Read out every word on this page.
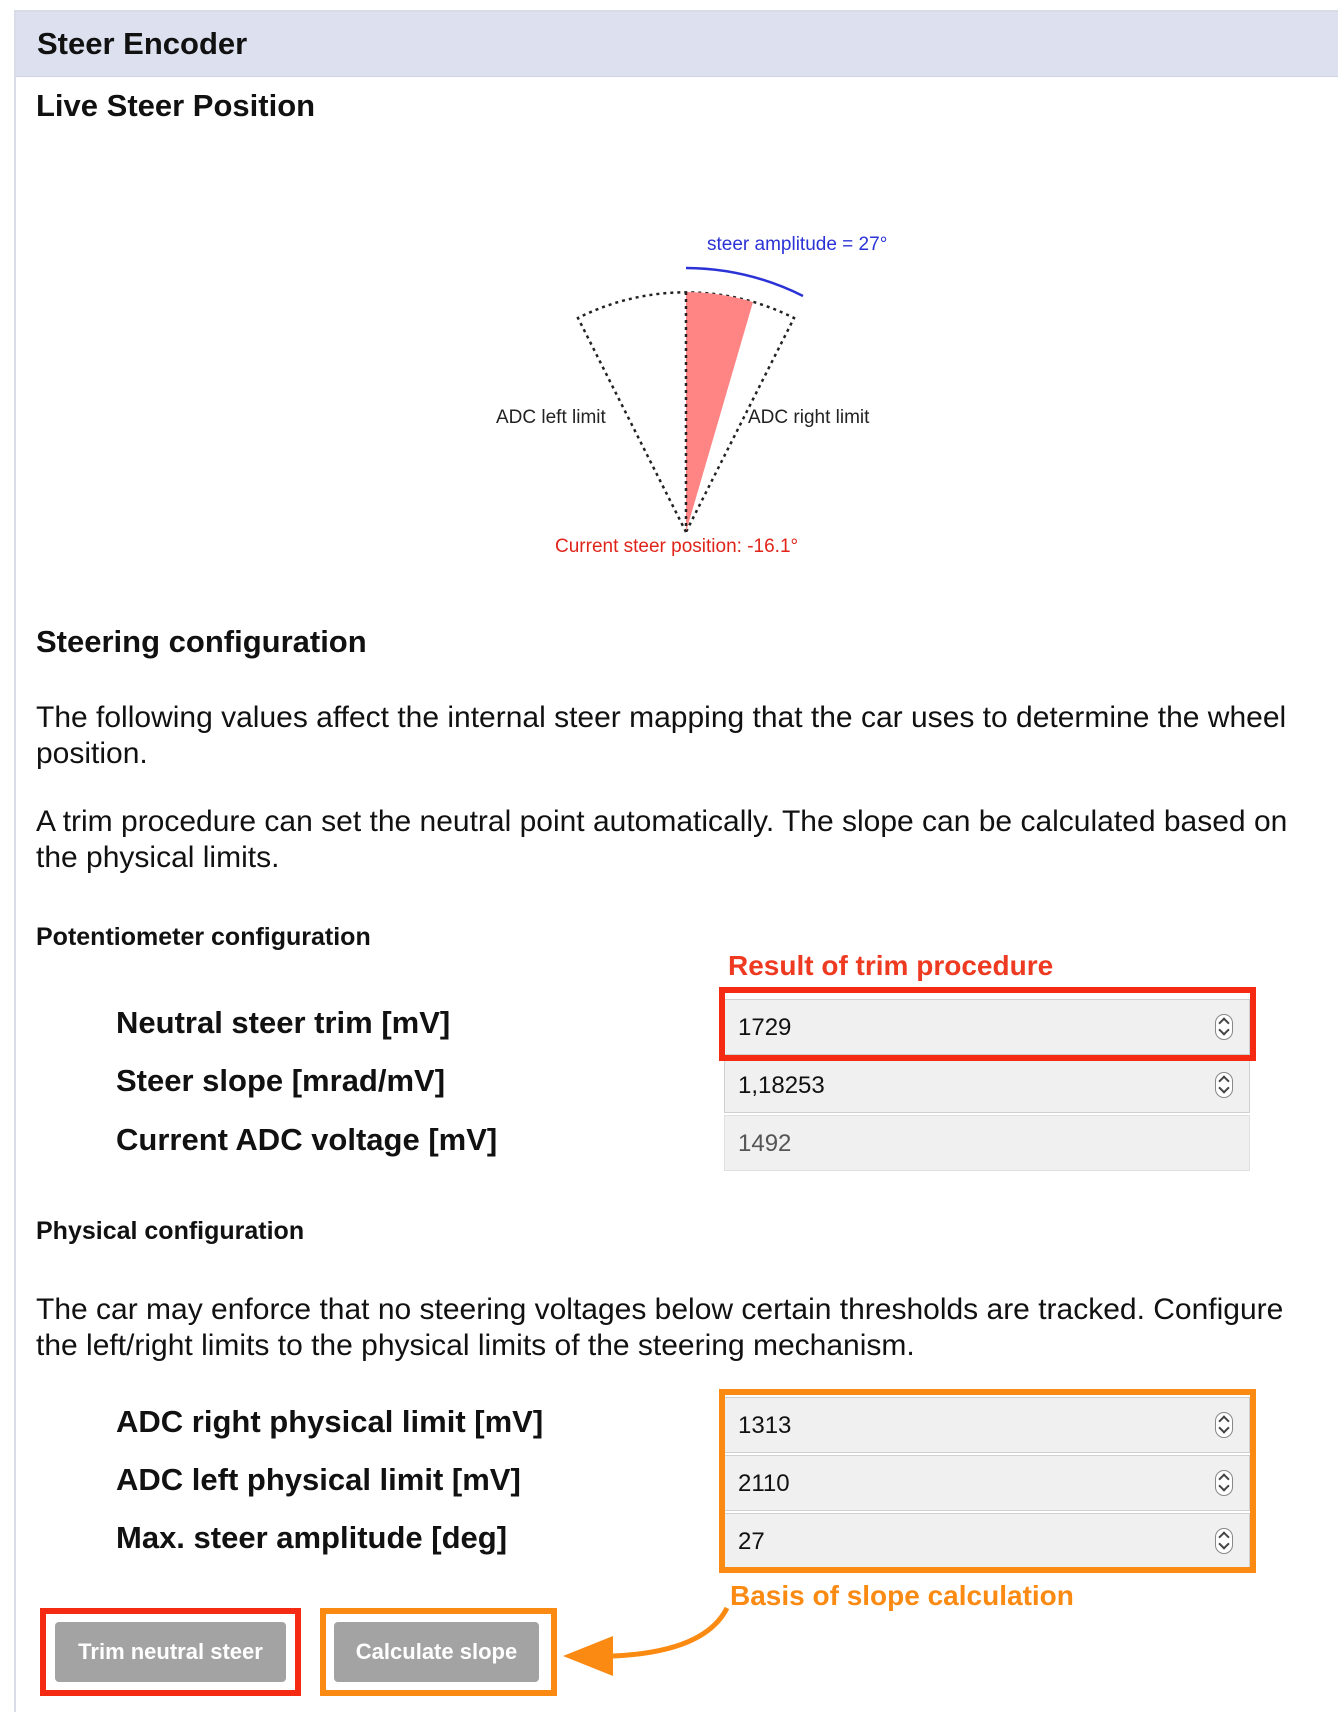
Steer Encoder
Live Steer Position
steer amplitude = 27°
ADC left limit	ADC right limit
Current steer position: -16.1°
Steering configuration
The following values affect the internal steer mapping that the car uses to determine the wheel position.
A trim procedure can set the neutral point automatically. The slope can be calculated based on the physical limits.
Potentiometer configuration
Result of trim procedure
Neutral steer trim [mV]	1729
Steer slope [mrad/mV]	1,18253
Current ADC voltage [mV]	1492
Physical configuration
The car may enforce that no steering voltages below certain thresholds are tracked. Configure the left/right limits to the physical limits of the steering mechanism.
ADC right physical limit [mV]	1313
ADC left physical limit [mV]	2110
Max. steer amplitude [deg]	27
Basis of slope calculation
Trim neutral steer	Calculate slope
